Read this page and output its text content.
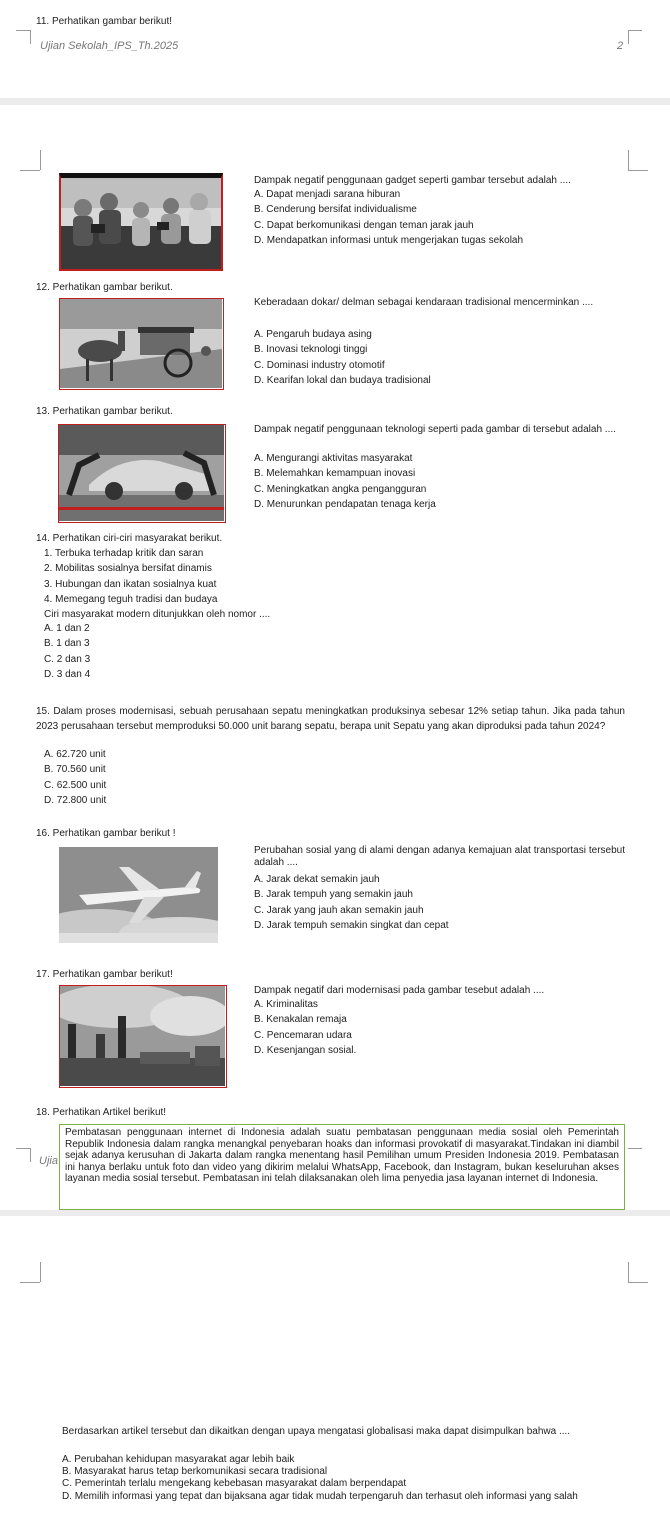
11. Perhatikan gambar berikut!
Ujian Sekolah_IPS_Th.2025	2
Dampak negatif penggunaan gadget seperti gambar tersebut adalah ....
A. Dapat menjadi sarana hiburan
B. Cenderung bersifat individualisme
C. Dapat berkomunikasi dengan teman jarak jauh
D. Mendapatkan informasi untuk mengerjakan tugas sekolah
12. Perhatikan gambar berikut.
Keberadaan dokar/ delman sebagai kendaraan tradisional mencerminkan ....
A. Pengaruh budaya asing
B. Inovasi teknologi tinggi
C. Dominasi industry otomotif
D. Kearifan lokal dan budaya tradisional
13. Perhatikan gambar berikut.
Dampak negatif penggunaan teknologi seperti pada gambar di tersebut adalah ....
A. Mengurangi aktivitas masyarakat
B. Melemahkan kemampuan inovasi
C. Meningkatkan angka pengangguran
D. Menurunkan pendapatan tenaga kerja
14. Perhatikan ciri-ciri masyarakat berikut.
1. Terbuka terhadap kritik dan saran
2. Mobilitas sosialnya bersifat dinamis
3. Hubungan dan ikatan sosialnya kuat
4. Memegang teguh tradisi dan budaya
Ciri masyarakat modern ditunjukkan oleh nomor ....
A. 1 dan 2
B. 1 dan 3
C. 2 dan 3
D. 3 dan 4
15. Dalam proses modernisasi, sebuah perusahaan sepatu meningkatkan produksinya sebesar 12% setiap tahun. Jika pada tahun 2023 perusahaan tersebut memproduksi 50.000 unit barang sepatu, berapa unit Sepatu yang akan diproduksi pada tahun 2024?
A. 62.720 unit
B. 70.560 unit
C. 62.500 unit
D. 72.800 unit
16. Perhatikan gambar berikut !
Perubahan sosial yang di alami dengan adanya kemajuan alat transportasi tersebut adalah ....
A. Jarak dekat semakin jauh
B. Jarak tempuh yang semakin jauh
C. Jarak yang jauh akan semakin jauh
D. Jarak tempuh semakin singkat dan cepat
17. Perhatikan gambar berikut!
Dampak negatif dari modernisasi pada gambar tesebut adalah ....
A. Kriminalitas
B. Kenakalan remaja
C. Pencemaran udara
D. Kesenjangan sosial.
18. Perhatikan Artikel berikut!
Ujia
Pembatasan penggunaan internet di Indonesia adalah suatu pembatasan penggunaan media sosial oleh Pemerintah Republik Indonesia dalam rangka menangkal penyebaran hoaks dan informasi provokatif di masyarakat.Tindakan ini diambil sejak adanya kerusuhan di Jakarta dalam rangka menentang hasil Pemilihan umum Presiden Indonesia 2019. Pembatasan ini hanya berlaku untuk foto dan video yang dikirim melalui WhatsApp, Facebook, dan Instagram, bukan keseluruhan akses layanan media sosial tersebut. Pembatasan ini telah dilaksanakan oleh lima penyedia jasa layanan internet di Indonesia.
Berdasarkan artikel tersebut dan dikaitkan dengan upaya mengatasi globalisasi maka dapat disimpulkan bahwa ....
A. Perubahan kehidupan masyarakat agar lebih baik
B. Masyarakat harus tetap berkomunikasi secara tradisional
C. Pemerintah terlalu mengekang kebebasan masyarakat dalam berpendapat
D. Memilih informasi yang tepat dan bijaksana agar tidak mudah terpengaruh dan terhasut oleh informasi yang salah
